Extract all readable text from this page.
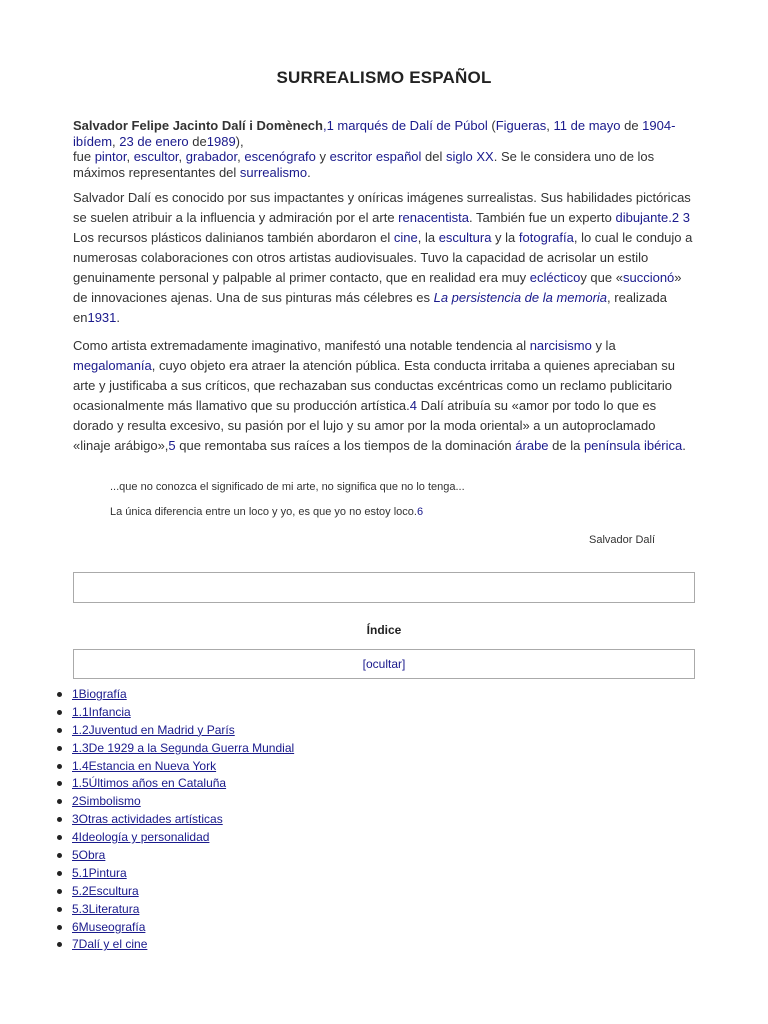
SURREALISMO ESPAÑOL
Salvador Felipe Jacinto Dalí i Domènech,1 marqués de Dalí de Púbol (Figueras, 11 de mayo de 1904-ibídem, 23 de enero de1989),
fue pintor, escultor, grabador, escenógrafo y escritor español del siglo XX. Se le considera uno de los máximos representantes del surrealismo.
Salvador Dalí es conocido por sus impactantes y oníricas imágenes surrealistas. Sus habilidades pictóricas se suelen atribuir a la influencia y admiración por el arte renacentista. También fue un experto dibujante.2 3 Los recursos plásticos dalinianos también abordaron el cine, la escultura y la fotografía, lo cual le condujo a numerosas colaboraciones con otros artistas audiovisuales. Tuvo la capacidad de acrisolar un estilo genuinamente personal y palpable al primer contacto, que en realidad era muy eclécticoy que «succionó» de innovaciones ajenas. Una de sus pinturas más célebres es La persistencia de la memoria, realizada en1931.
Como artista extremadamente imaginativo, manifestó una notable tendencia al narcisismo y la megalomanía, cuyo objeto era atraer la atención pública. Esta conducta irritaba a quienes apreciaban su arte y justificaba a sus críticos, que rechazaban sus conductas excéntricas como un reclamo publicitario ocasionalmente más llamativo que su producción artística.4 Dalí atribuía su «amor por todo lo que es dorado y resulta excesivo, su pasión por el lujo y su amor por la moda oriental» a un autoproclamado «linaje arábigo»,5 que remontaba sus raíces a los tiempos de la dominación árabe de la península ibérica.
...que no conozca el significado de mi arte, no significa que no lo tenga...
La única diferencia entre un loco y yo, es que yo no estoy loco.6
Salvador Dalí
Índice
[ocultar]
1Biografía
1.1Infancia
1.2Juventud en Madrid y París
1.3De 1929 a la Segunda Guerra Mundial
1.4Estancia en Nueva York
1.5Últimos años en Cataluña
2Simbolismo
3Otras actividades artísticas
4Ideología y personalidad
5Obra
5.1Pintura
5.2Escultura
5.3Literatura
6Museografía
7Dalí y el cine
